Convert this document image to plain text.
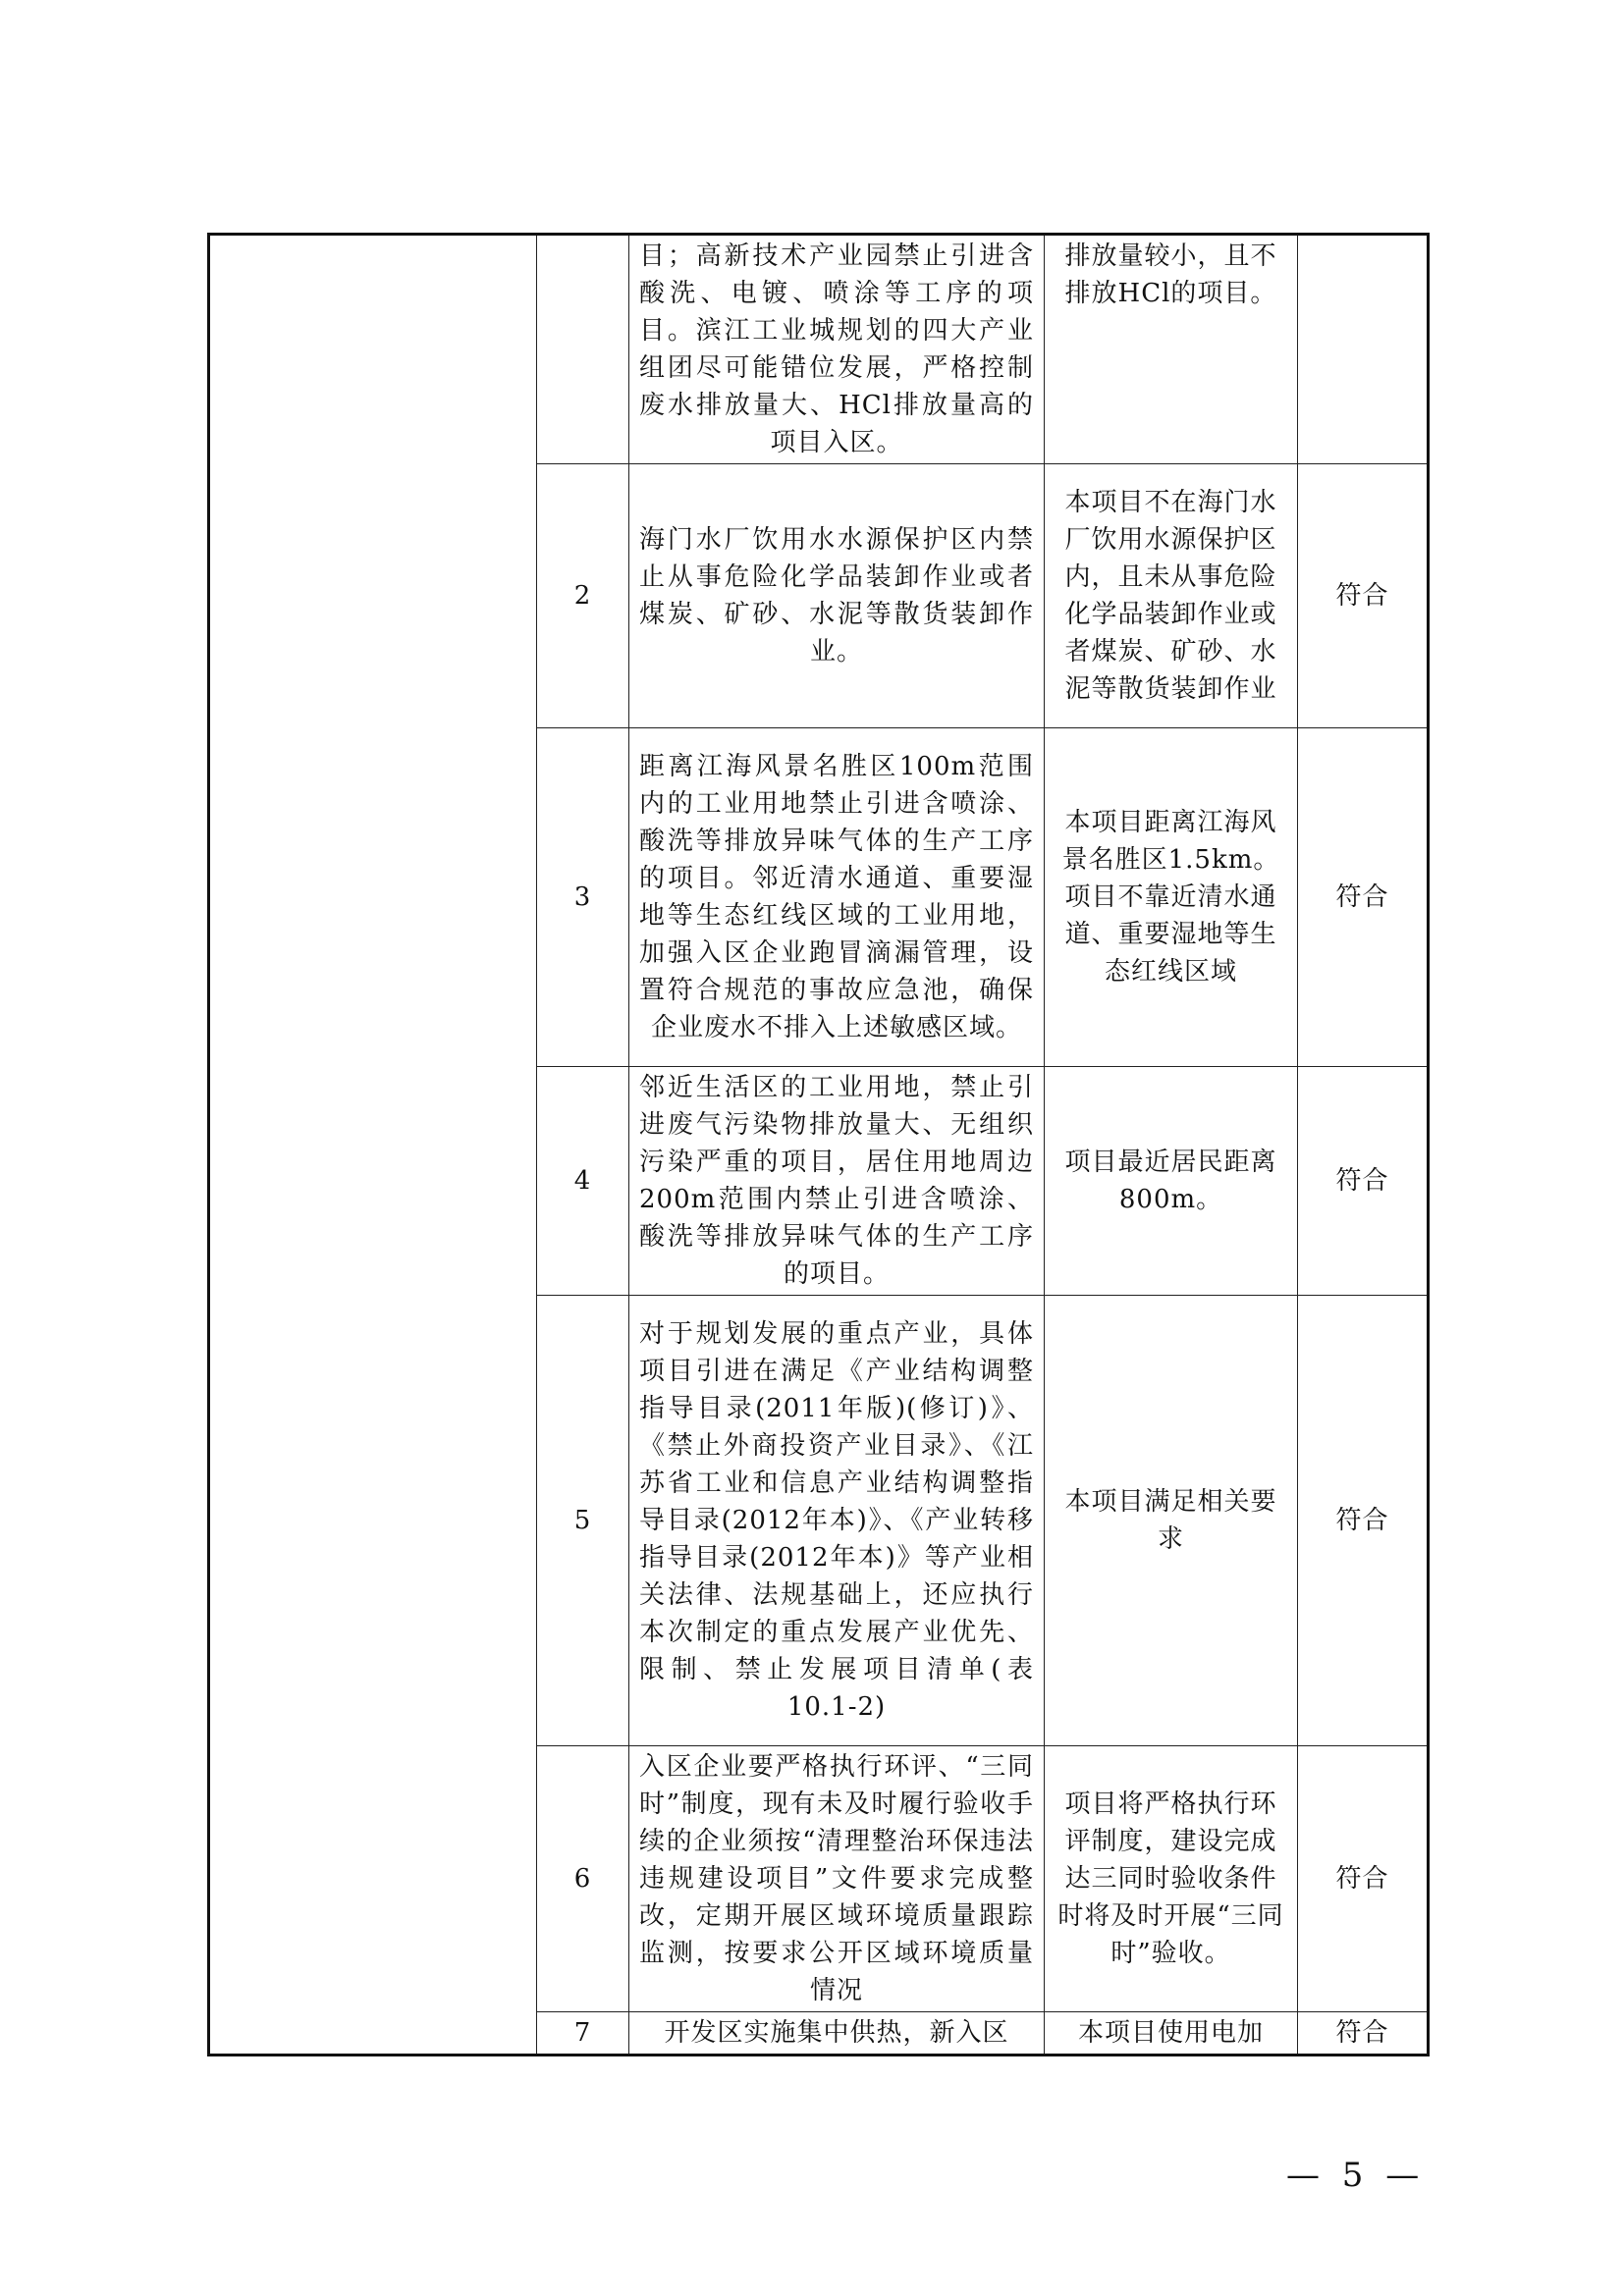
		目；高新技术产业园禁止引进含酸洗、电镀、喷涂等工序的项目。滨江工业城规划的四大产业组团尽可能错位发展，严格控制废水排放量大、HCl排放量高的项目入区。	排放量较小，且不排放HCl的项目。	
	2	海门水厂饮用水水源保护区内禁止从事危险化学品装卸作业或者煤炭、矿砂、水泥等散货装卸作业。	本项目不在海门水厂饮用水源保护区内，且未从事危险化学品装卸作业或者煤炭、矿砂、水泥等散货装卸作业	符合
	3	距离江海风景名胜区100m范围内的工业用地禁止引进含喷涂、酸洗等排放异味气体的生产工序的项目。邻近清水通道、重要湿地等生态红线区域的工业用地，加强入区企业跑冒滴漏管理，设置符合规范的事故应急池，确保企业废水不排入上述敏感区域。	本项目距离江海风景名胜区1.5km。项目不靠近清水通道、重要湿地等生态红线区域	符合
	4	邻近生活区的工业用地，禁止引进废气污染物排放量大、无组织污染严重的项目，居住用地周边200m范围内禁止引进含喷涂、酸洗等排放异味气体的生产工序的项目。	项目最近居民距离800m。	符合
	5	对于规划发展的重点产业，具体项目引进在满足《产业结构调整指导目录(2011年版)(修订)》、《禁止外商投资产业目录》、《江苏省工业和信息产业结构调整指导目录(2012年本)》、《产业转移指导目录(2012年本)》等产业相关法律、法规基础上，还应执行本次制定的重点发展产业优先、限制、禁止发展项目清单(表10.1-2)	本项目满足相关要求	符合
	6	入区企业要严格执行环评、“三同时”制度，现有未及时履行验收手续的企业须按“清理整治环保违法违规建设项目”文件要求完成整改，定期开展区域环境质量跟踪监测，按要求公开区域环境质量情况	项目将严格执行环评制度，建设完成达三同时验收条件时将及时开展“三同时”验收。	符合
	7	开发区实施集中供热，新入区	本项目使用电加	符合
— 5 —
